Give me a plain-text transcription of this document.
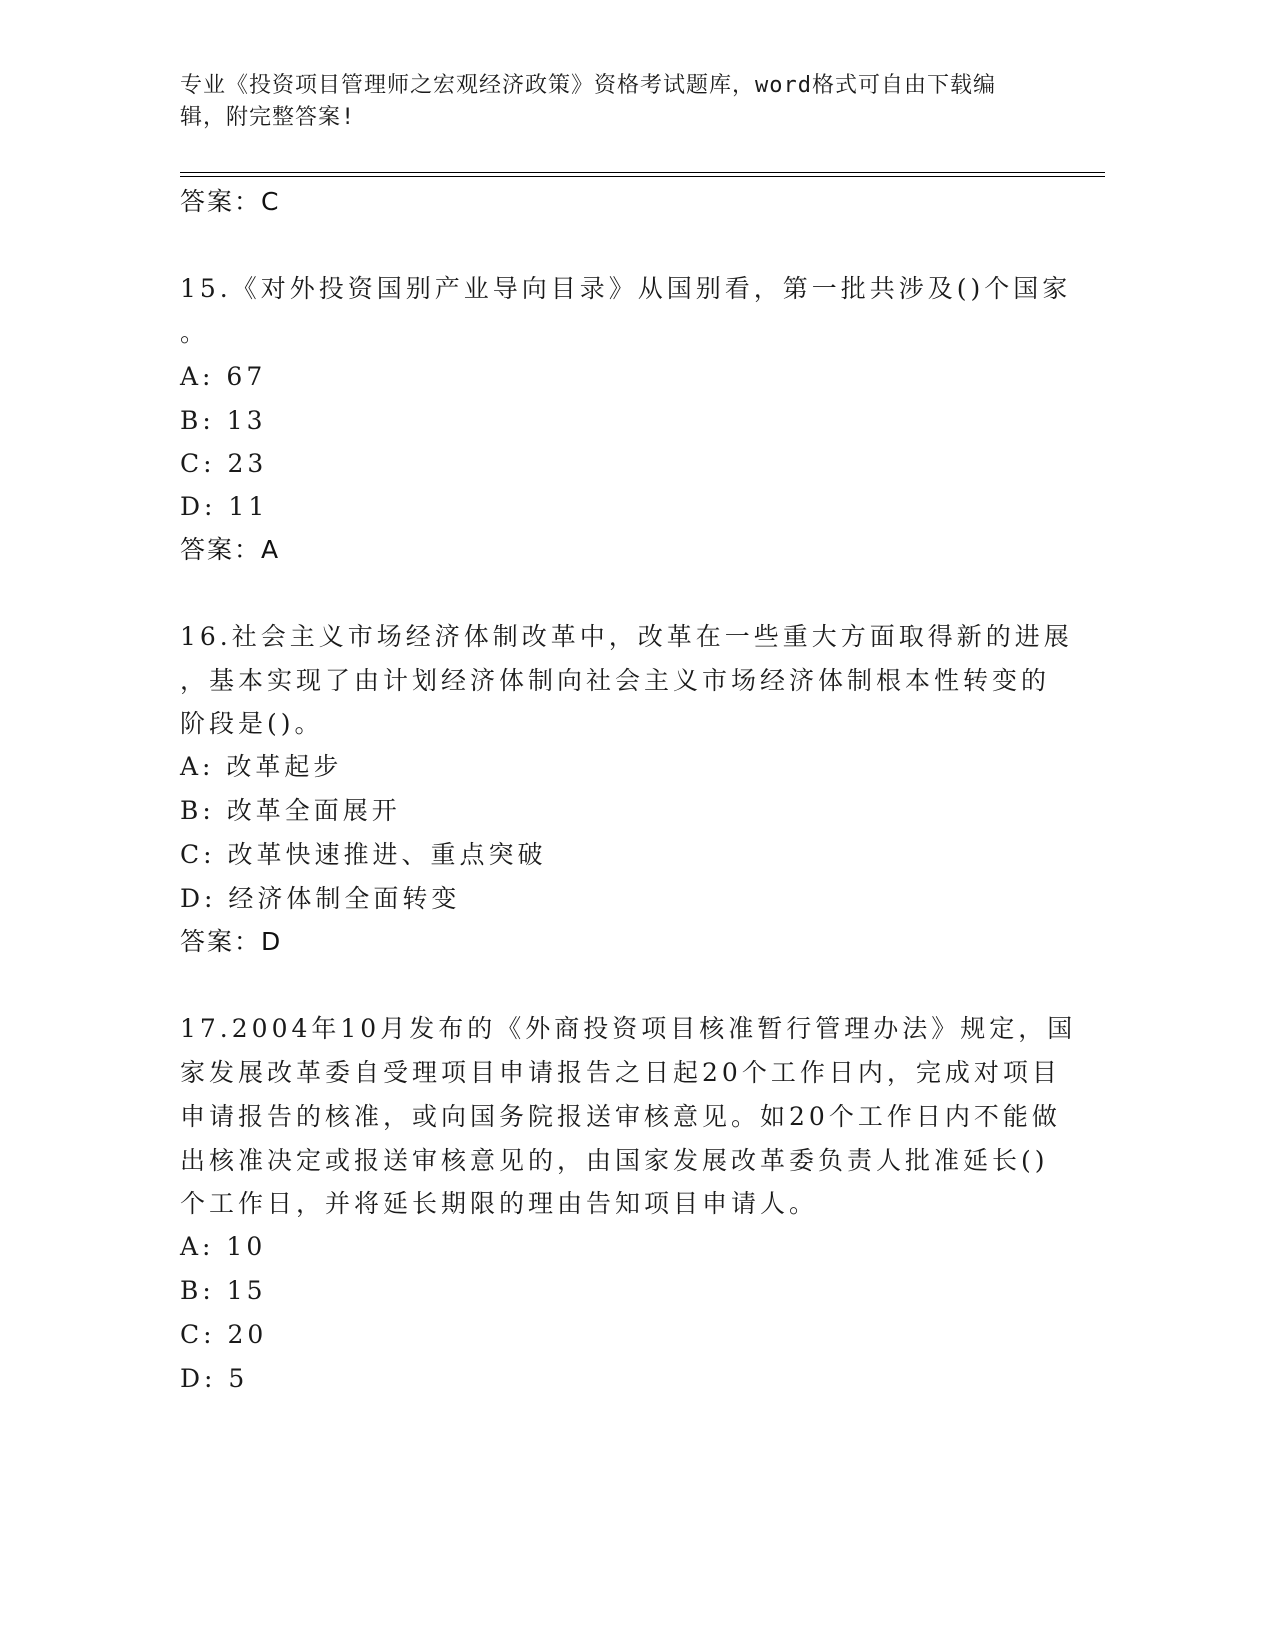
专业《投资项目管理师之宏观经济政策》资格考试题库，word格式可自由下载编
辑，附完整答案!
答案：C
15.《对外投资国别产业导向目录》从国别看，第一批共涉及()个国家
。
A: 67
B: 13
C: 23
D: 11
答案：A
16.社会主义市场经济体制改革中，改革在一些重大方面取得新的进展
，基本实现了由计划经济体制向社会主义市场经济体制根本性转变的
阶段是()。
A: 改革起步
B: 改革全面展开
C: 改革快速推进、重点突破
D: 经济体制全面转变
答案：D
17.2004年10月发布的《外商投资项目核准暂行管理办法》规定，国
家发展改革委自受理项目申请报告之日起20个工作日内，完成对项目
申请报告的核准，或向国务院报送审核意见。如20个工作日内不能做
出核准决定或报送审核意见的，由国家发展改革委负责人批准延长()
个工作日，并将延长期限的理由告知项目申请人。
A: 10
B: 15
C: 20
D: 5
